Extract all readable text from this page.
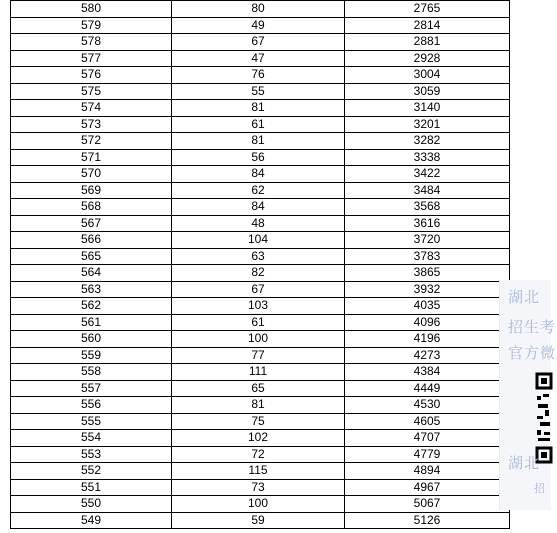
580	80	2765
579	49	2814
578	67	2881
577	47	2928
576	76	3004
575	55	3059
574	81	3140
573	61	3201
572	81	3282
571	56	3338
570	84	3422
569	62	3484
568	84	3568
567	48	3616
566	104	3720
565	63	3783
564	82	3865
563	67	3932
562	103	4035
561	61	4096
560	100	4196
559	77	4273
558	111	4384
557	65	4449
556	81	4530
555	75	4605
554	102	4707
553	72	4779
552	115	4894
551	73	4967
550	100	5067
549	59	5126
湖北
招生考
官方微
湖北
招
